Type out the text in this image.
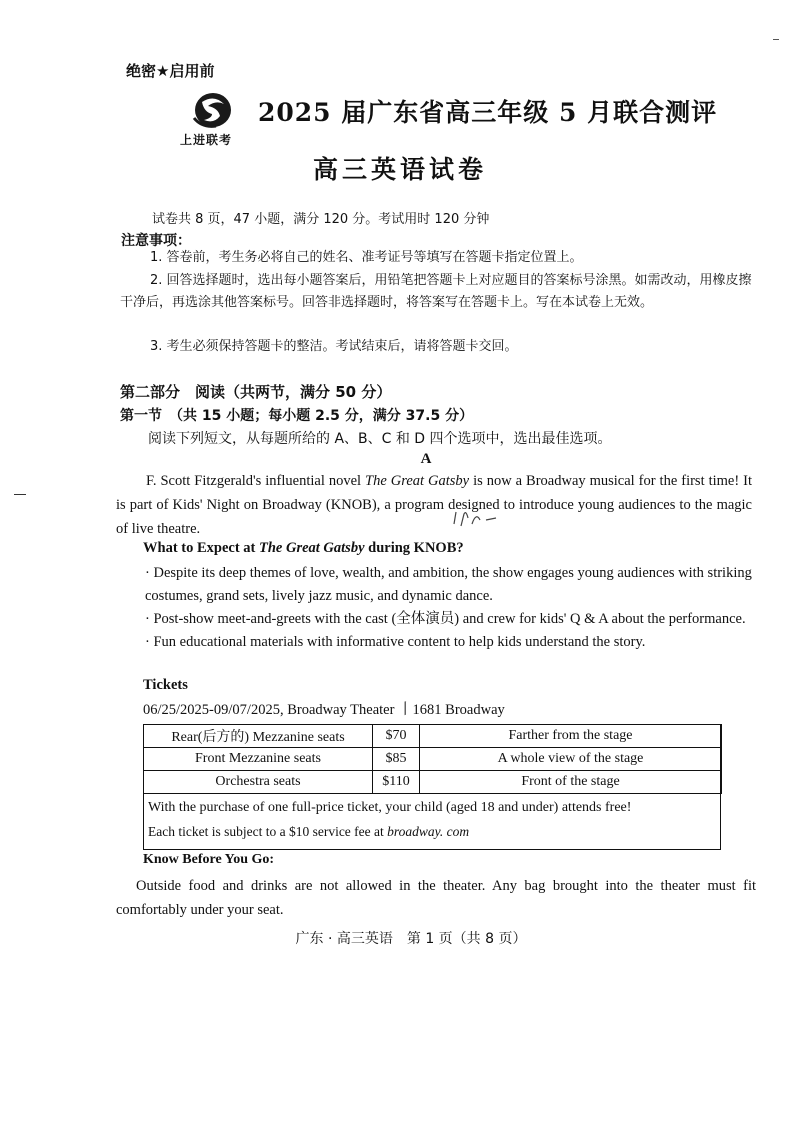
绝密★启用前
上进联考
2025 届广东省高三年级 5 月联合测评
高三英语试卷
试卷共 8 页，47 小题，满分 120 分。考试用时 120 分钟
注意事项：
1. 答卷前，考生务必将自己的姓名、准考证号等填写在答题卡指定位置上。
2. 回答选择题时，选出每小题答案后，用铅笔把答题卡上对应题目的答案标号涂黑。如需改动，用橡皮擦干净后，再选涂其他答案标号。回答非选择题时，将答案写在答题卡上。写在本试卷上无效。
3. 考生必须保持答题卡的整洁。考试结束后，请将答题卡交回。
第二部分　阅读（共两节，满分 50 分）
第一节　（共 15 小题；每小题 2.5 分，满分 37.5 分）
阅读下列短文，从每题所给的 A、B、C 和 D 四个选项中，选出最佳选项。
A
F. Scott Fitzgerald's influential novel The Great Gatsby is now a Broadway musical for the first time! It is part of Kids' Night on Broadway (KNOB), a program designed to introduce young audiences to the magic of live theatre.
What to Expect at The Great Gatsby during KNOB?
· Despite its deep themes of love, wealth, and ambition, the show engages young audiences with striking costumes, grand sets, lively jazz music, and dynamic dance.
· Post-show meet-and-greets with the cast (全体演员) and crew for kids' Q & A about the performance.
· Fun educational materials with informative content to help kids understand the story.
Tickets
06/25/2025-09/07/2025, Broadway Theater 丨1681 Broadway
Rear(后方的) Mezzanine seats	$70	Farther from the stage
Front Mezzanine seats	$85	A whole view of the stage
Orchestra seats	$110	Front of the stage
With the purchase of one full-price ticket, your child (aged 18 and under) attends free!
Each ticket is subject to a $10 service fee at broadway. com
Know Before You Go:
Outside food and drinks are not allowed in the theater. Any bag brought into the theater must fit comfortably under your seat.
广东 · 高三英语　第 1 页（共 8 页）
